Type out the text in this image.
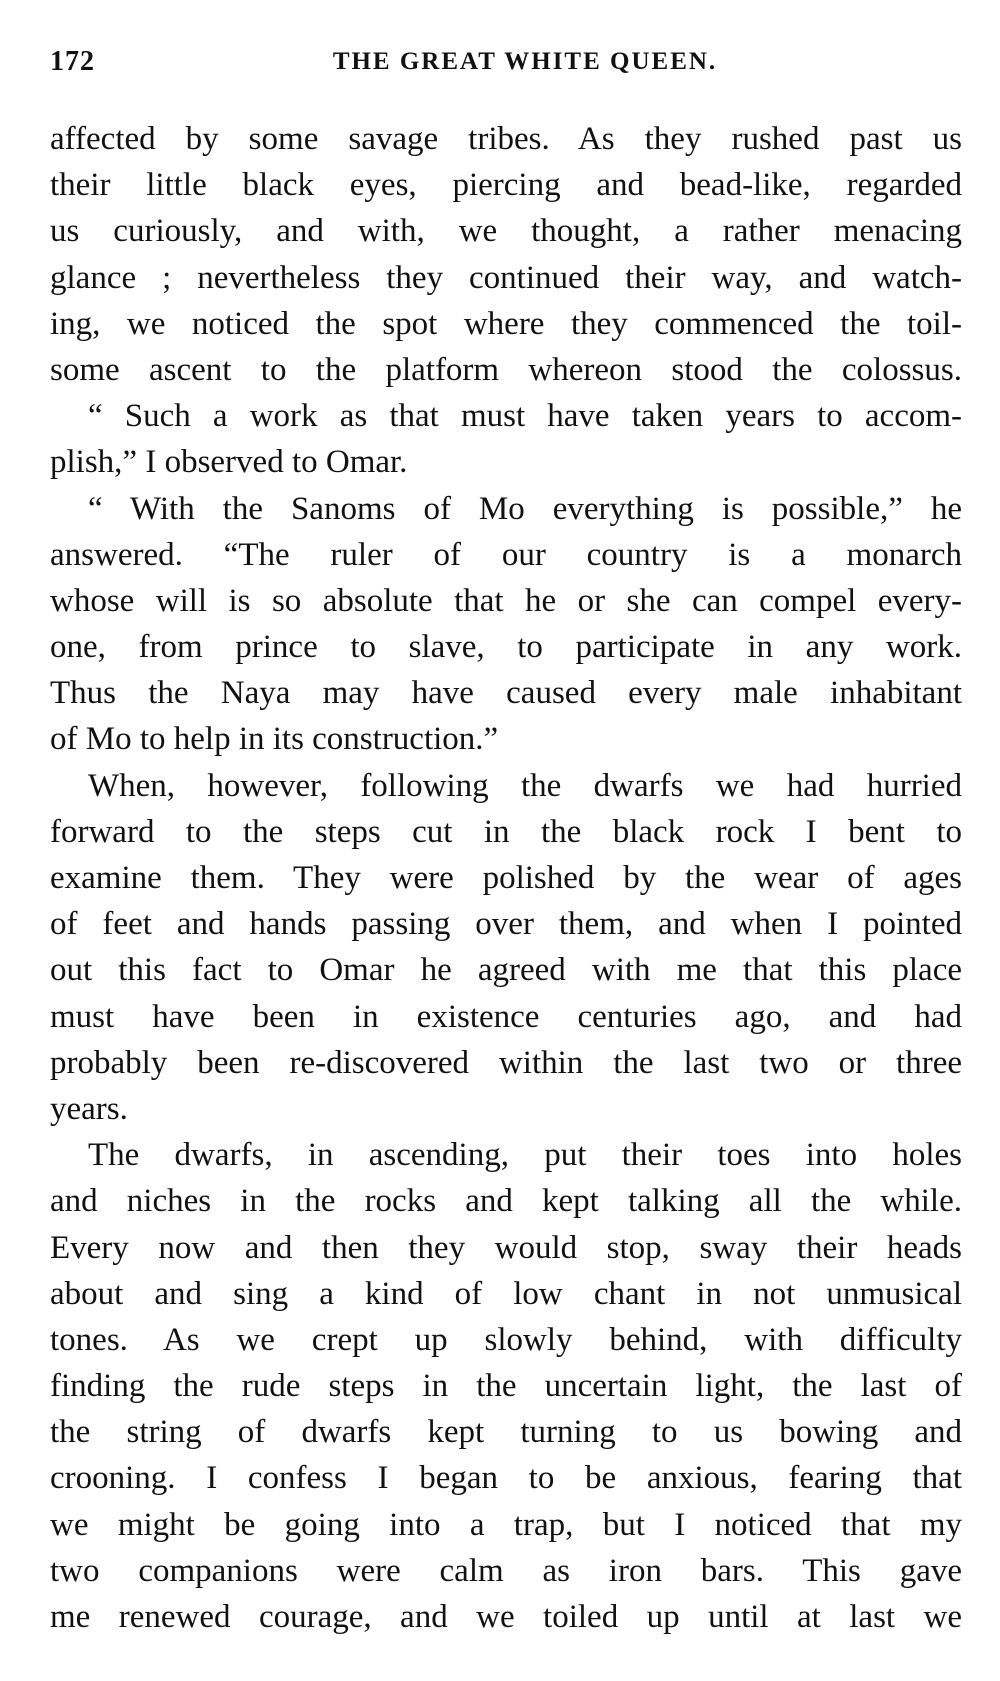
172	THE GREAT WHITE QUEEN.
affected by some savage tribes. As they rushed past us
their little black eyes, piercing and bead-like, regarded
us curiously, and with, we thought, a rather menacing
glance ; nevertheless they continued their way, and watch-
ing, we noticed the spot where they commenced the toil-
some ascent to the platform whereon stood the colossus.
“ Such a work as that must have taken years to accom-
plish,” I observed to Omar.
“ With the Sanoms of Mo everything is possible,” he
answered. “The ruler of our country is a monarch
whose will is so absolute that he or she can compel every-
one, from prince to slave, to participate in any work.
Thus the Naya may have caused every male inhabitant
of Mo to help in its construction.”
When, however, following the dwarfs we had hurried
forward to the steps cut in the black rock I bent to
examine them. They were polished by the wear of ages
of feet and hands passing over them, and when I pointed
out this fact to Omar he agreed with me that this place
must have been in existence centuries ago, and had
probably been re-discovered within the last two or three
years.
The dwarfs, in ascending, put their toes into holes
and niches in the rocks and kept talking all the while.
Every now and then they would stop, sway their heads
about and sing a kind of low chant in not unmusical
tones. As we crept up slowly behind, with difficulty
finding the rude steps in the uncertain light, the last of
the string of dwarfs kept turning to us bowing and
crooning. I confess I began to be anxious, fearing that
we might be going into a trap, but I noticed that my
two companions were calm as iron bars. This gave
me renewed courage, and we toiled up until at last we
